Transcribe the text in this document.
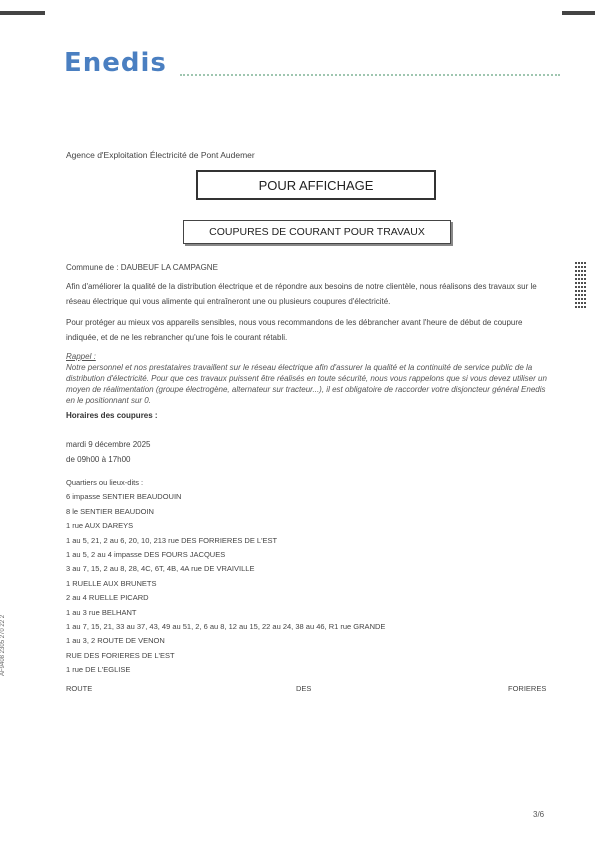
Enedis
Agence d'Exploitation Électricité de Pont Audemer
POUR AFFICHAGE
COUPURES DE COURANT POUR TRAVAUX
Commune de : DAUBEUF LA CAMPAGNE
Afin d'améliorer la qualité de la distribution électrique et de répondre aux besoins de notre clientèle, nous réalisons des travaux sur le réseau électrique qui vous alimente qui entraîneront une ou plusieurs coupures d'électricité.
Pour protéger au mieux vos appareils sensibles, nous vous recommandons de les débrancher avant l'heure de début de coupure indiquée, et de ne les rebrancher qu'une fois le courant rétabli.
Rappel :
Notre personnel et nos prestataires travaillent sur le réseau électrique afin d'assurer la qualité et la continuité de service public de la distribution d'électricité. Pour que ces travaux puissent être réalisés en toute sécurité, nous vous rappelons que si vous devez utiliser un moyen de réalimentation (groupe électrogène, alternateur sur tracteur...), il est obligatoire de raccorder votre disjoncteur général Enedis en le positionnant sur 0.
Horaires des coupures :
mardi 9 décembre 2025
de 09h00 à 17h00
Quartiers ou lieux-dits :
6 impasse SENTIER BEAUDOUIN
8 le SENTIER BEAUDOIN
1 rue AUX DAREYS
1 au 5, 21, 2 au 6, 20, 10, 213 rue DES FORRIERES DE L'EST
1 au 5, 2 au 4 impasse DES FOURS JACQUES
3 au 7, 15, 2 au 8, 28, 4C, 6T, 4B, 4A rue DE VRAIVILLE
1 RUELLE AUX BRUNETS
2 au 4 RUELLE PICARD
1 au 3 rue BELHANT
1 au 7, 15, 21, 33 au 37, 43, 49 au 51, 2, 6 au 8, 12 au 15, 22 au 24, 38 au 46, R1 rue GRANDE
1 au 3, 2 ROUTE DE VENON
RUE DES FORIERES DE L'EST
1 rue DE L'EGLISE
ROUTE	DES	FORIERES
AF9408 2305 270 22 2
3/6
